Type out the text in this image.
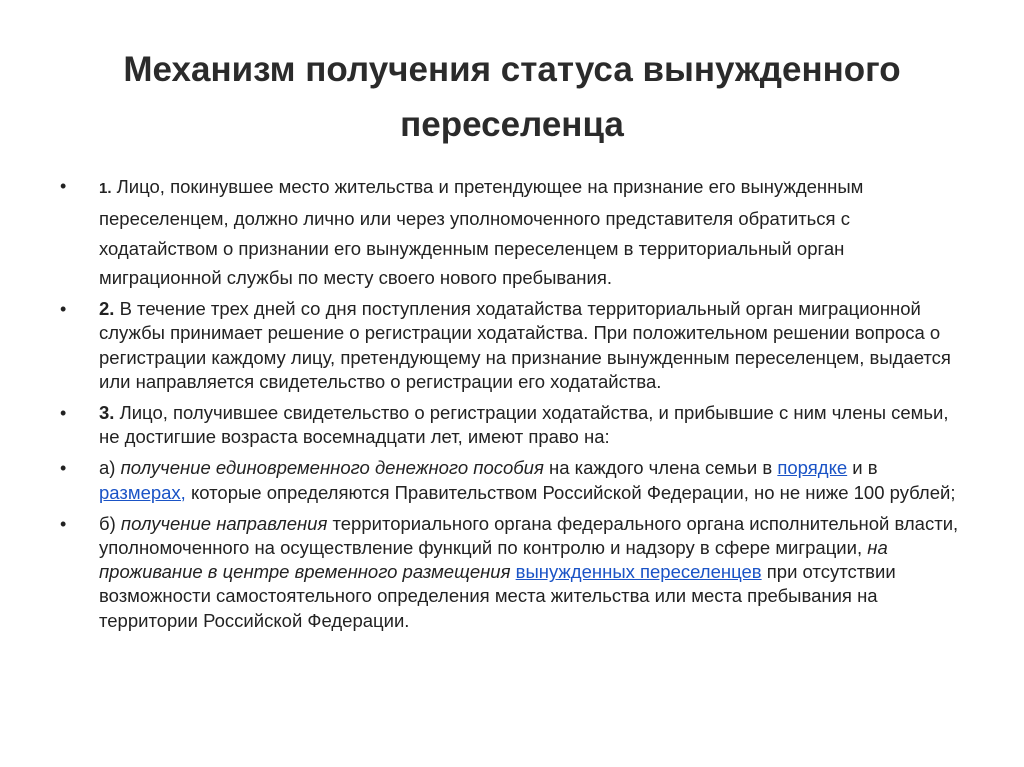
Механизм получения статуса вынужденного переселенца
• 1. Лицо, покинувшее место жительства и претендующее на признание его вынужденным переселенцем, должно лично или через уполномоченного представителя обратиться с ходатайством о признании его вынужденным переселенцем в территориальный орган миграционной службы по месту своего нового пребывания.
• 2. В течение трех дней со дня поступления ходатайства территориальный орган миграционной службы принимает решение о регистрации ходатайства. При положительном решении вопроса о регистрации каждому лицу, претендующему на признание вынужденным переселенцем, выдается или направляется свидетельство о регистрации его ходатайства.
• 3. Лицо, получившее свидетельство о регистрации ходатайства, и прибывшие с ним члены семьи, не достигшие возраста восемнадцати лет, имеют право на:
• а) получение единовременного денежного пособия на каждого члена семьи в порядке и в размерах, которые определяются Правительством Российской Федерации, но не ниже 100 рублей;
• б) получение направления территориального органа федерального органа исполнительной власти, уполномоченного на осуществление функций по контролю и надзору в сфере миграции, на проживание в центре временного размещения вынужденных переселенцев при отсутствии возможности самостоятельного определения места жительства или места пребывания на территории Российской Федерации.
